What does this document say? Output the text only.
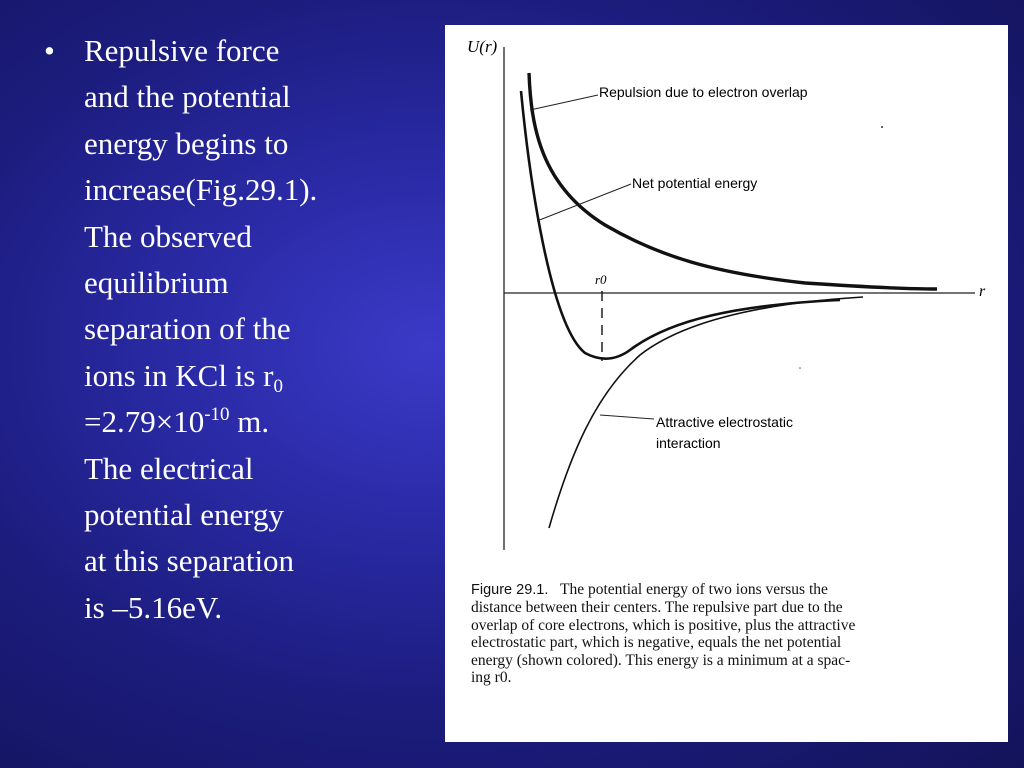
• Repulsive force
and the potential
energy begins to
increase(Fig.29.1).
The observed
equilibrium
separation of the
ions in KCl is $r_0$
$=2.79\times 10^{-10}$ m.
The electrical
potential energy
at this separation
is –5.16eV.
U(r)
r
r0
Repulsion due to electron overlap
Net potential energy
Attractive electrostatic
interaction
Figure 29.1. The potential energy of two ions versus the
distance between their centers. The repulsive part due to the
overlap of core electrons, which is positive, plus the attractive
electrostatic part, which is negative, equals the net potential
energy (shown colored). This energy is a minimum at a spac-
ing r0.
